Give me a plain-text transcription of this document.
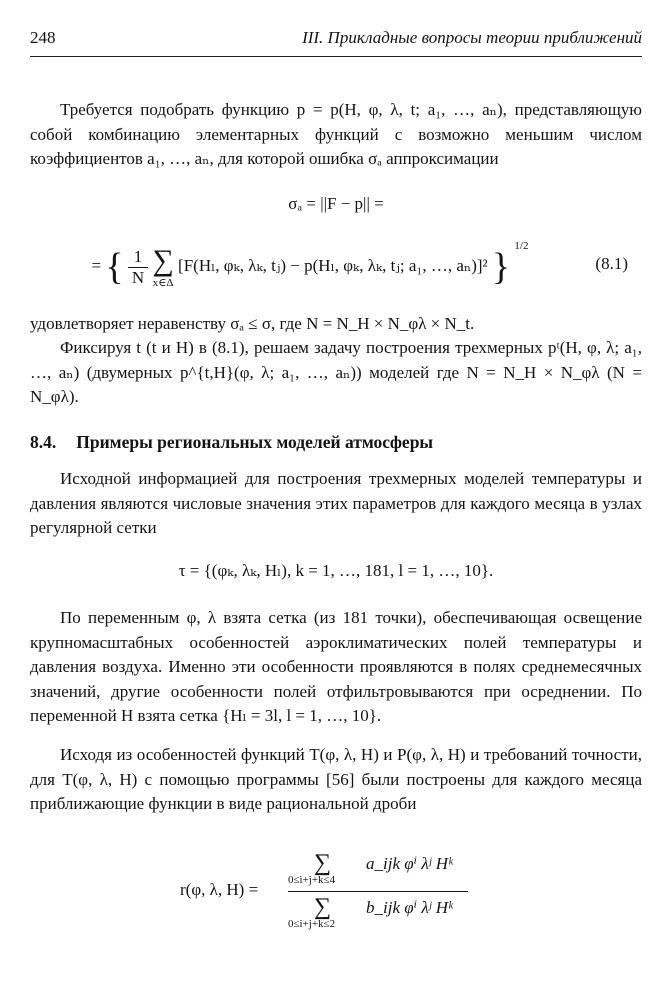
248	III. Прикладные вопросы теории приближений

Требуется подобрать функцию p = p(H, φ, λ, t; a₁, …, aₙ), представляющую собой комбинацию элементарных функций с возможно меньшим числом коэффициентов a₁, …, aₙ, для которой ошибка σₐ аппроксимации

σₐ = ||F − p|| =
= { $\frac{1}{N}$
∑
x∈Δ
[F(Hₗ, φₖ, λₖ, tⱼ) − p(Hₗ, φₖ, λₖ, tⱼ; a₁, …, aₙ)]² } $^{1/2}$
(8.1)

удовлетворяет неравенству σₐ ≤ σ, где N = N_H × N_φλ × N_t.

Фиксируя t (t и H) в (8.1), решаем задачу построения трехмерных pᵗ(H, φ, λ; a₁, …, aₙ) (двумерных p^{t,H}(φ, λ; a₁, …, aₙ)) моделей где N = N_H × N_φλ (N = N_φλ).

8.4. Примеры региональных моделей атмосферы

Исходной информацией для построения трехмерных моделей температуры и давления являются числовые значения этих параметров для каждого месяца в узлах регулярной сетки

τ = {(φₖ, λₖ, Hₗ), k = 1, …, 181, l = 1, …, 10}.

По переменным φ, λ взята сетка (из 181 точки), обеспечивающая освещение крупномасштабных особенностей аэроклиматических полей температуры и давления воздуха. Именно эти особенности проявляются в полях среднемесячных значений, другие особенности полей отфильтровываются при осреднении. По переменной H взята сетка {Hₗ = 3l, l = 1, …, 10}.

Исходя из особенностей функций T(φ, λ, H) и P(φ, λ, H) и требований точности, для T(φ, λ, H) с помощью программы [56] были построены для каждого месяца приближающие функции в виде рациональной дроби

r(φ, λ, H) =
∑
0≤i+j+k≤4
a_ijk φⁱ λʲ Hᵏ
∑
0≤i+j+k≤2
b_ijk φⁱ λʲ Hᵏ
